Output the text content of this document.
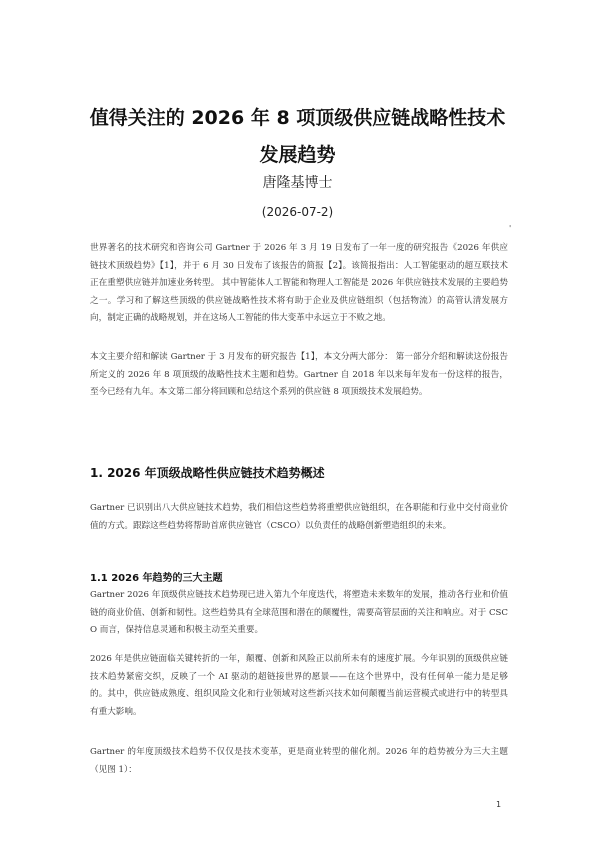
值得关注的 2026 年 8 项顶级供应链战略性技术
发展趋势
唐隆基博士
(2026-07-2)
'

世界著名的技术研究和咨询公司 Gartner 于 2026 年 3 月 19 日发布了一年一度的研究报告《2026 年供应链技术顶级趋势》【1】，并于 6 月 30 日发布了该报告的简报【2】。该简报指出：人工智能驱动的超互联技术正在重塑供应链并加速业务转型。 其中智能体人工智能和物理人工智能是 2026 年供应链技术发展的主要趋势之一。学习和了解这些顶级的供应链战略性技术将有助于企业及供应链组织（包括物流）的高管认清发展方向，制定正确的战略规划，并在这场人工智能的伟大变革中永远立于不败之地。

本文主要介绍和解读 Gartner 于 3 月发布的研究报告【1】，本文分两大部分： 第一部分介绍和解读这份报告所定义的 2026 年 8 项顶级的战略性技术主题和趋势。Gartner 自 2018 年以来每年发布一份这样的报告，至今已经有九年。本文第二部分将回顾和总结这个系列的供应链 8 项顶级技术发展趋势。

1. 2026 年顶级战略性供应链技术趋势概述

Gartner 已识别出八大供应链技术趋势，我们相信这些趋势将重塑供应链组织，在各职能和行业中交付商业价值的方式。跟踪这些趋势将帮助首席供应链官（CSCO）以负责任的战略创新塑造组织的未来。

1.1 2026 年趋势的三大主题

Gartner 2026 年顶级供应链技术趋势现已进入第九个年度迭代，将塑造未来数年的发展，推动各行业和价值链的商业价值、创新和韧性。这些趋势具有全球范围和潜在的颠覆性，需要高管层面的关注和响应。对于 CSCO 而言，保持信息灵通和积极主动至关重要。

2026 年是供应链面临关键转折的一年，颠覆、创新和风险正以前所未有的速度扩展。今年识别的顶级供应链技术趋势紧密交织，反映了一个 AI 驱动的超链接世界的愿景——在这个世界中，没有任何单一能力是足够的。其中，供应链成熟度、组织风险文化和行业领域对这些新兴技术如何颠覆当前运营模式或进行中的转型具有重大影响。

Gartner 的年度顶级技术趋势不仅仅是技术变革，更是商业转型的催化剂。2026 年的趋势被分为三大主题（见图 1）：

1
